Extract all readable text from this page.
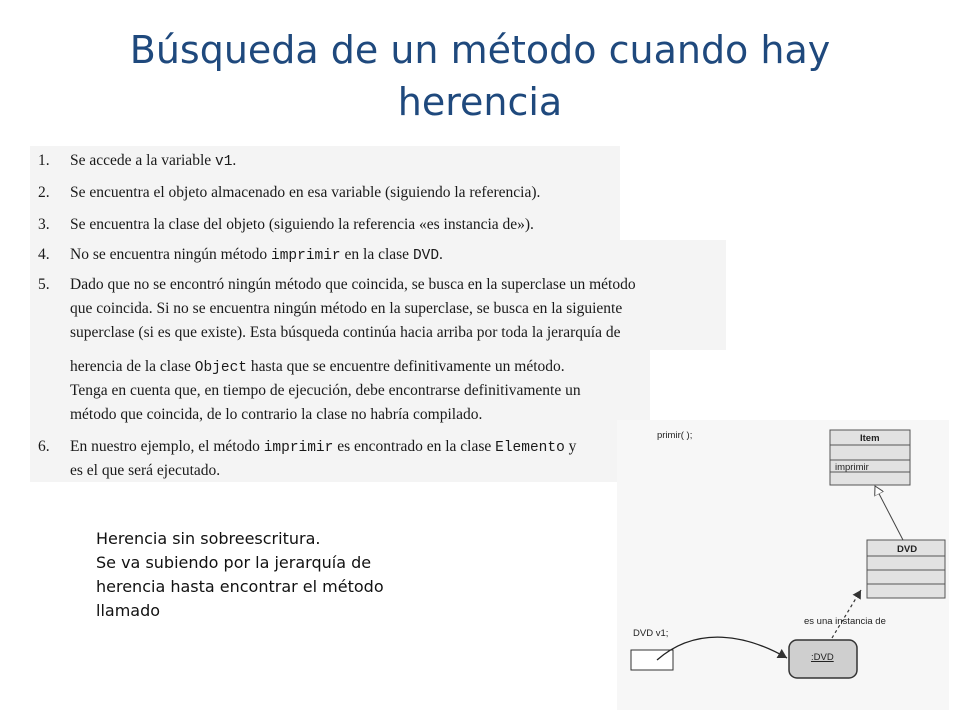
Búsqueda de un método cuando hay
herencia
1. Se accede a la variable v1.
2. Se encuentra el objeto almacenado en esa variable (siguiendo la referencia).
3. Se encuentra la clase del objeto (siguiendo la referencia «es instancia de»).
4. No se encuentra ningún método imprimir en la clase DVD.
5. Dado que no se encontró ningún método que coincida, se busca en la superclase un método
que coincida. Si no se encuentra ningún método en la superclase, se busca en la siguiente
superclase (si es que existe). Esta búsqueda continúa hacia arriba por toda la jerarquía de
herencia de la clase Object hasta que se encuentre definitivamente un método.
Tenga en cuenta que, en tiempo de ejecución, debe encontrarse definitivamente un
método que coincida, de lo contrario la clase no habría compilado.
6. En nuestro ejemplo, el método imprimir es encontrado en la clase Elemento y
es el que será ejecutado.
Herencia sin sobreescritura.
Se va subiendo por la jerarquía de
herencia hasta encontrar el método
llamado
primir( );	Item
imprimir
DVD
es una instancia de
DVD v1;
:DVD
